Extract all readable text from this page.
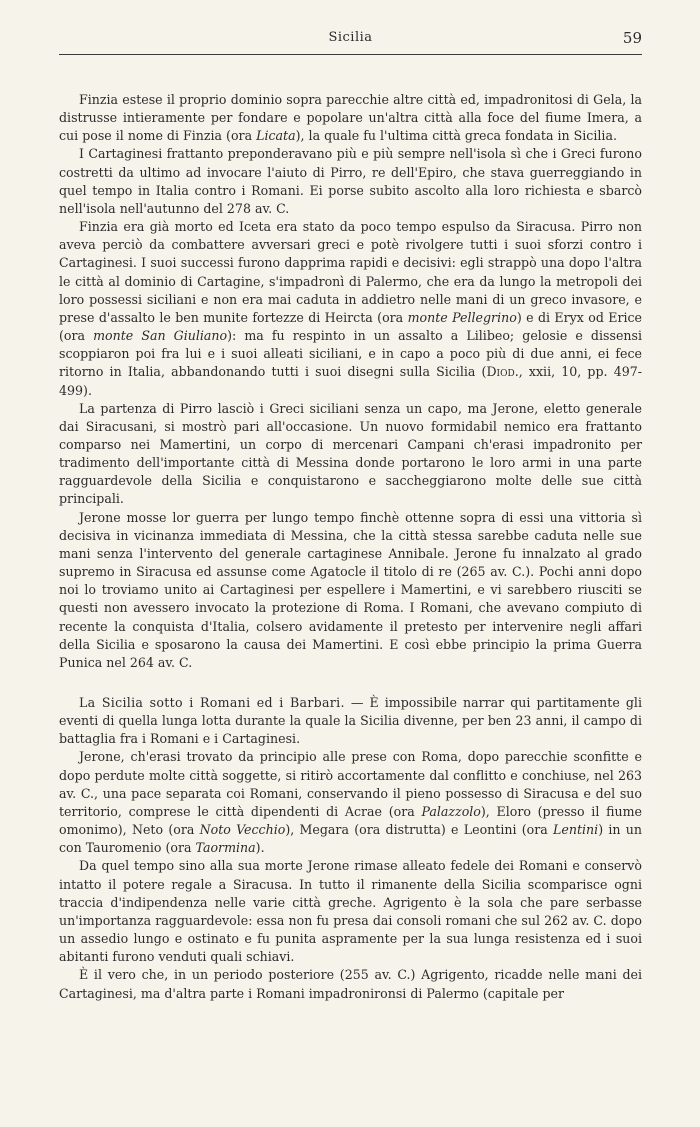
Sicilia	59

Finzia estese il proprio dominio sopra parecchie altre città ed, impadronitosi di Gela, la distrusse intieramente per fondare e popolare un'altra città alla foce del fiume Imera, a cui pose il nome di Finzia (ora Licata), la quale fu l'ultima città greca fondata in Sicilia.

I Cartaginesi frattanto preponderavano più e più sempre nell'isola sì che i Greci furono costretti da ultimo ad invocare l'aiuto di Pirro, re dell'Epiro, che stava guerreggiando in quel tempo in Italia contro i Romani. Ei porse subito ascolto alla loro richiesta e sbarcò nell'isola nell'autunno del 278 av. C.

Finzia era già morto ed Iceta era stato da poco tempo espulso da Siracusa. Pirro non aveva perciò da combattere avversari greci e potè rivolgere tutti i suoi sforzi contro i Cartaginesi. I suoi successi furono dapprima rapidi e decisivi: egli strappò una dopo l'altra le città al dominio di Cartagine, s'impadronì di Palermo, che era da lungo la metropoli dei loro possessi siciliani e non era mai caduta in addietro nelle mani di un greco invasore, e prese d'assalto le ben munite fortezze di Heircta (ora monte Pellegrino) e di Eryx od Erice (ora monte San Giuliano): ma fu respinto in un assalto a Lilibeo; gelosie e dissensi scoppiaron poi fra lui e i suoi alleati siciliani, e in capo a poco più di due anni, ei fece ritorno in Italia, abbandonando tutti i suoi disegni sulla Sicilia (Diod., xxii, 10, pp. 497-499).

La partenza di Pirro lasciò i Greci siciliani senza un capo, ma Jerone, eletto generale dai Siracusani, si mostrò pari all'occasione. Un nuovo formidabil nemico era frattanto comparso nei Mamertini, un corpo di mercenari Campani ch'erasi impadronito per tradimento dell'importante città di Messina donde portarono le loro armi in una parte ragguardevole della Sicilia e conquistarono e saccheggiarono molte delle sue città principali.

Jerone mosse lor guerra per lungo tempo finchè ottenne sopra di essi una vittoria sì decisiva in vicinanza immediata di Messina, che la città stessa sarebbe caduta nelle sue mani senza l'intervento del generale cartaginese Annibale. Jerone fu innalzato al grado supremo in Siracusa ed assunse come Agatocle il titolo di re (265 av. C.). Pochi anni dopo noi lo troviamo unito ai Cartaginesi per espellere i Mamertini, e vi sarebbero riusciti se questi non avessero invocato la protezione di Roma. I Romani, che avevano compiuto di recente la conquista d'Italia, colsero avidamente il pretesto per intervenire negli affari della Sicilia e sposarono la causa dei Mamertini. E così ebbe principio la prima Guerra Punica nel 264 av. C.

La Sicilia sotto i Romani ed i Barbari. — È impossibile narrar qui partitamente gli eventi di quella lunga lotta durante la quale la Sicilia divenne, per ben 23 anni, il campo di battaglia fra i Romani e i Cartaginesi.

Jerone, ch'erasi trovato da principio alle prese con Roma, dopo parecchie sconfitte e dopo perdute molte città soggette, si ritirò accortamente dal conflitto e conchiuse, nel 263 av. C., una pace separata coi Romani, conservando il pieno possesso di Siracusa e del suo territorio, comprese le città dipendenti di Acrae (ora Palazzolo), Eloro (presso il fiume omonimo), Neto (ora Noto Vecchio), Megara (ora distrutta) e Leontini (ora Lentini) in un con Tauromenio (ora Taormina).

Da quel tempo sino alla sua morte Jerone rimase alleato fedele dei Romani e conservò intatto il potere regale a Siracusa. In tutto il rimanente della Sicilia scomparisce ogni traccia d'indipendenza nelle varie città greche. Agrigento è la sola che pare serbasse un'importanza ragguardevole: essa non fu presa dai consoli romani che sul 262 av. C. dopo un assedio lungo e ostinato e fu punita aspramente per la sua lunga resistenza ed i suoi abitanti furono venduti quali schiavi.

È il vero che, in un periodo posteriore (255 av. C.) Agrigento, ricadde nelle mani dei Cartaginesi, ma d'altra parte i Romani impadronironsi di Palermo (capitale per
